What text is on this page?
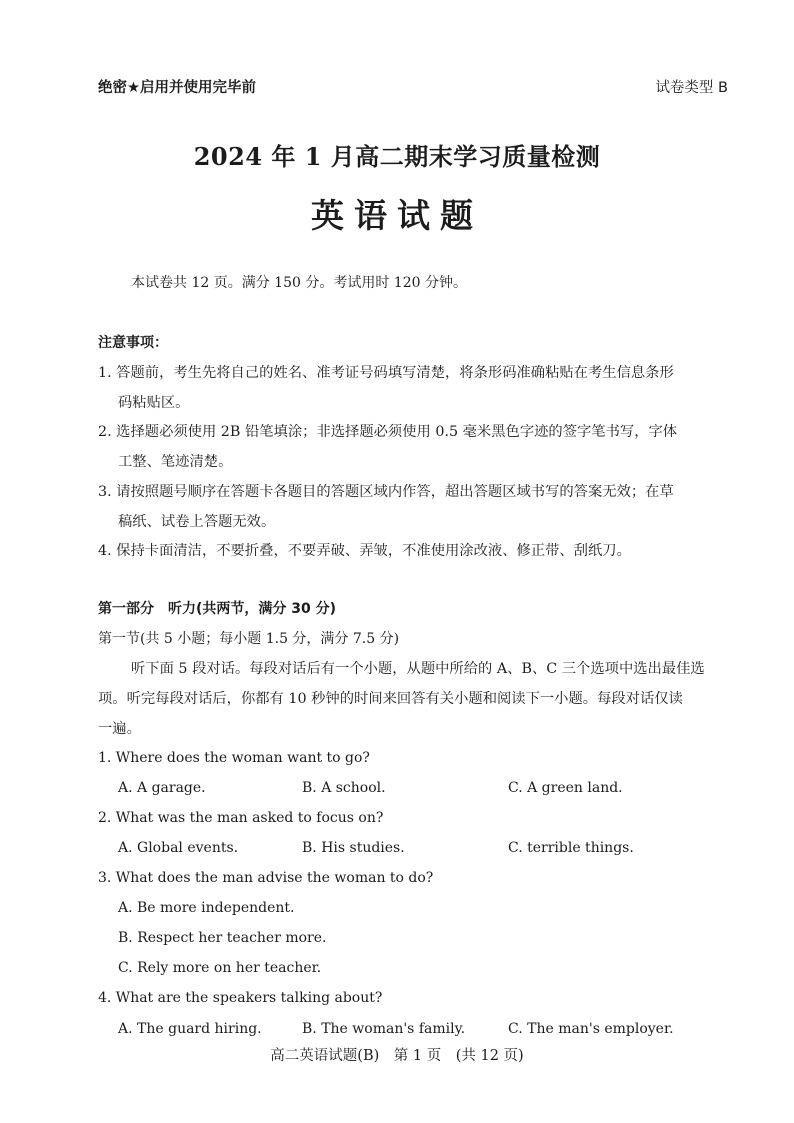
绝密★启用并使用完毕前	试卷类型 B
2024 年 1 月高二期末学习质量检测
英语试题
本试卷共 12 页。满分 150 分。考试用时 120 分钟。
注意事项：
1. 答题前，考生先将自己的姓名、准考证号码填写清楚，将条形码准确粘贴在考生信息条形
码粘贴区。
2. 选择题必须使用 2B 铅笔填涂；非选择题必须使用 0.5 毫米黑色字迹的签字笔书写，字体
工整、笔迹清楚。
3. 请按照题号顺序在答题卡各题目的答题区域内作答，超出答题区域书写的答案无效；在草
稿纸、试卷上答题无效。
4. 保持卡面清洁，不要折叠，不要弄破、弄皱，不准使用涂改液、修正带、刮纸刀。
第一部分　听力(共两节，满分 30 分)
第一节(共 5 小题；每小题 1.5 分，满分 7.5 分)
听下面 5 段对话。每段对话后有一个小题，从题中所给的 A、B、C 三个选项中选出最佳选
项。听完每段对话后，你都有 10 秒钟的时间来回答有关小题和阅读下一小题。每段对话仅读
一遍。
1. Where does the woman want to go?
A. A garage.	B. A school.	C. A green land.
2. What was the man asked to focus on?
A. Global events.	B. His studies.	C. terrible things.
3. What does the man advise the woman to do?
A. Be more independent.
B. Respect her teacher more.
C. Rely more on her teacher.
4. What are the speakers talking about?
A. The guard hiring.	B. The woman's family.	C. The man's employer.
高二英语试题(B)　第 1 页　(共 12 页)
